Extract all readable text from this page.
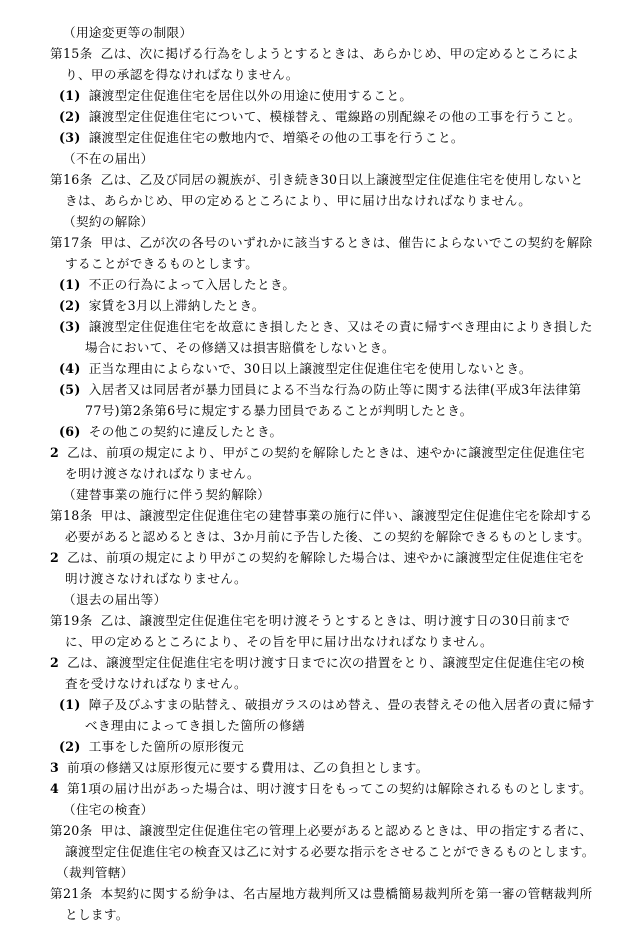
（用途変更等の制限）
第15条 乙は、次に掲げる行為をしようとするときは、あらかじめ、甲の定めるところにより、甲の承認を得なければなりません。
(1) 譲渡型定住促進住宅を居住以外の用途に使用すること。
(2) 譲渡型定住促進住宅について、模様替え、電線路の別配線その他の工事を行うこと。
(3) 譲渡型定住促進住宅の敷地内で、増築その他の工事を行うこと。
（不在の届出）
第16条 乙は、乙及び同居の親族が、引き続き30日以上譲渡型定住促進住宅を使用しないときは、あらかじめ、甲の定めるところにより、甲に届け出なければなりません。
（契約の解除）
第17条 甲は、乙が次の各号のいずれかに該当するときは、催告によらないでこの契約を解除することができるものとします。
(1) 不正の行為によって入居したとき。
(2) 家賃を3月以上滞納したとき。
(3) 譲渡型定住促進住宅を故意にき損したとき、又はその責に帰すべき理由によりき損した場合において、その修繕又は損害賠償をしないとき。
(4) 正当な理由によらないで、30日以上譲渡型定住促進住宅を使用しないとき。
(5) 入居者又は同居者が暴力団員による不当な行為の防止等に関する法律(平成3年法律第77号)第2条第6号に規定する暴力団員であることが判明したとき。
(6) その他この契約に違反したとき。
2 乙は、前項の規定により、甲がこの契約を解除したときは、速やかに譲渡型定住促進住宅を明け渡さなければなりません。
（建替事業の施行に伴う契約解除）
第18条 甲は、譲渡型定住促進住宅の建替事業の施行に伴い、譲渡型定住促進住宅を除却する必要があると認めるときは、3か月前に予告した後、この契約を解除できるものとします。
2 乙は、前項の規定により甲がこの契約を解除した場合は、速やかに譲渡型定住促進住宅を明け渡さなければなりません。
（退去の届出等）
第19条 乙は、譲渡型定住促進住宅を明け渡そうとするときは、明け渡す日の30日前までに、甲の定めるところにより、その旨を甲に届け出なければなりません。
2 乙は、譲渡型定住促進住宅を明け渡す日までに次の措置をとり、譲渡型定住促進住宅の検査を受けなければなりません。
(1) 障子及びふすまの貼替え、破損ガラスのはめ替え、畳の表替えその他入居者の責に帰すべき理由によってき損した箇所の修繕
(2) 工事をした箇所の原形復元
3 前項の修繕又は原形復元に要する費用は、乙の負担とします。
4 第1項の届け出があった場合は、明け渡す日をもってこの契約は解除されるものとします。
（住宅の検査）
第20条 甲は、譲渡型定住促進住宅の管理上必要があると認めるときは、甲の指定する者に、譲渡型定住促進住宅の検査又は乙に対する必要な指示をさせることができるものとします。
（裁判管轄）
第21条 本契約に関する紛争は、名古屋地方裁判所又は豊橋簡易裁判所を第一審の管轄裁判所とします。
